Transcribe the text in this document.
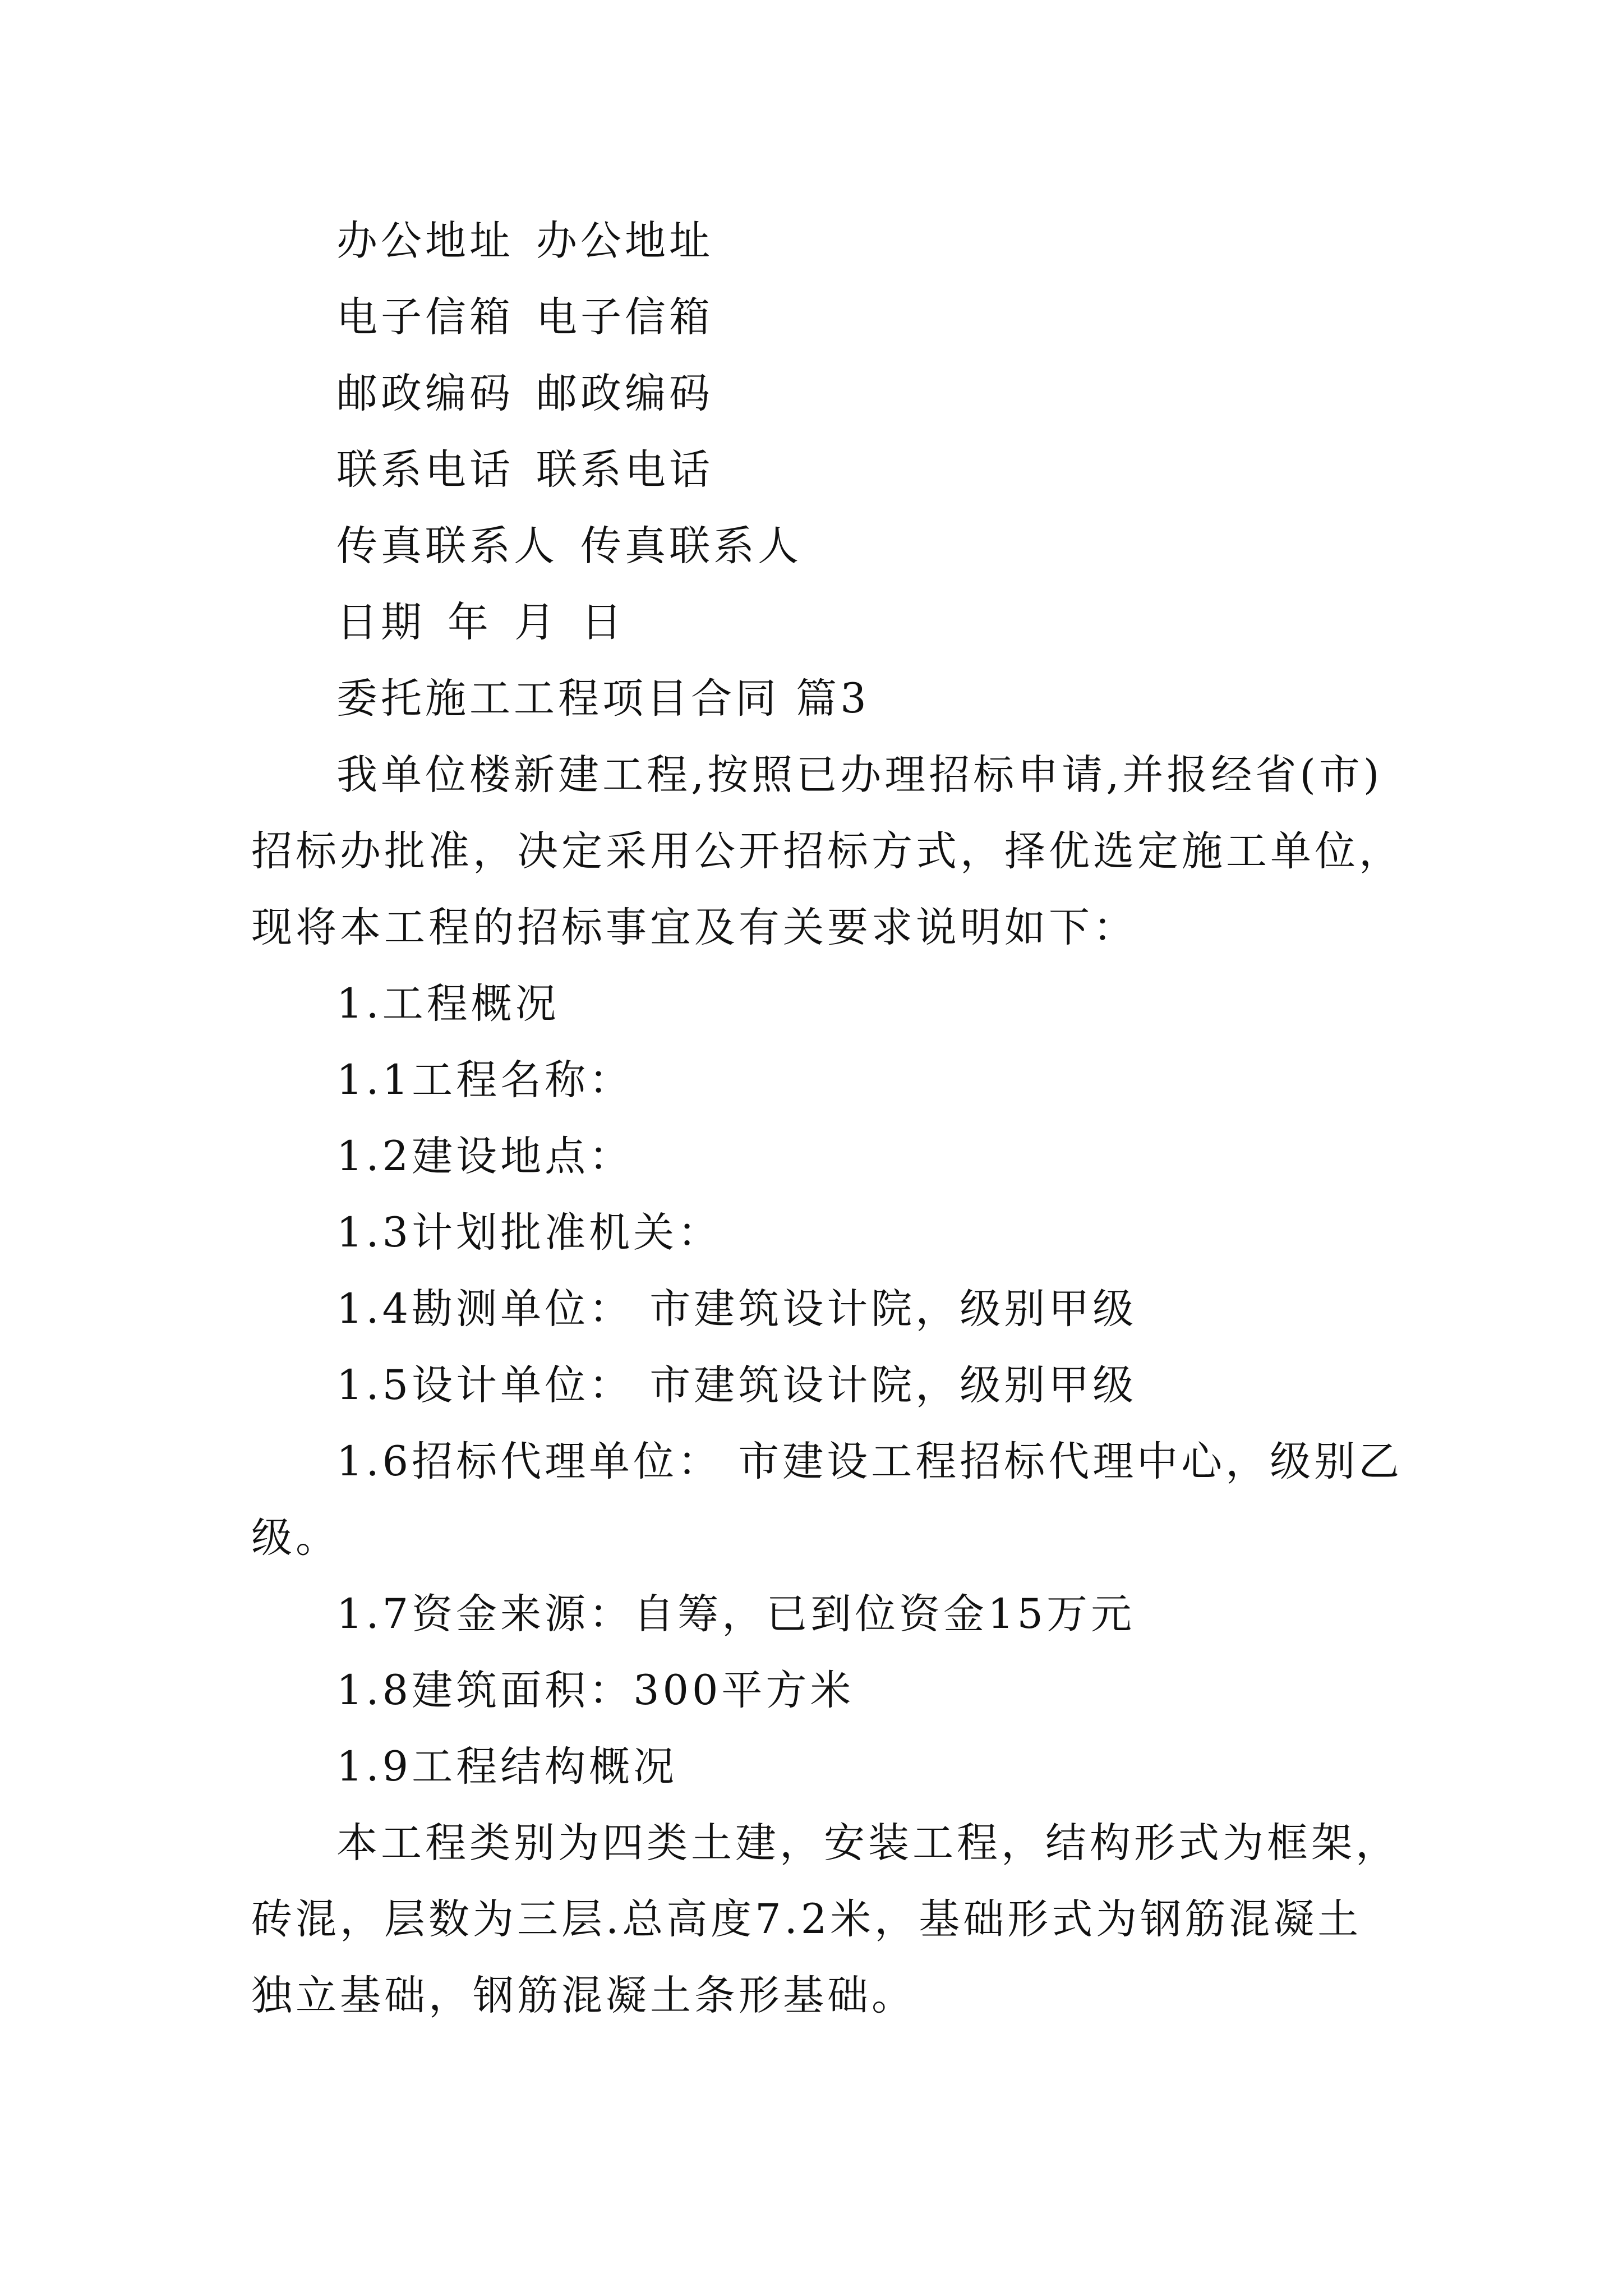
办公地址 办公地址
电子信箱 电子信箱
邮政编码 邮政编码
联系电话 联系电话
传真联系人 传真联系人
日期 年 月 日
委托施工工程项目合同 篇3
我单位楼新建工程,按照已办理招标申请,并报经省(市)
招标办批准，决定采用公开招标方式，择优选定施工单位，
现将本工程的招标事宜及有关要求说明如下：
1.工程概况
1.1工程名称：
1.2建设地点：
1.3计划批准机关：
1.4勘测单位： 市建筑设计院，级别甲级
1.5设计单位： 市建筑设计院，级别甲级
1.6招标代理单位： 市建设工程招标代理中心，级别乙
级。
1.7资金来源：自筹，已到位资金15万元
1.8建筑面积：300平方米
1.9工程结构概况
本工程类别为四类土建，安装工程，结构形式为框架，
砖混，层数为三层.总高度7.2米，基础形式为钢筋混凝土
独立基础，钢筋混凝土条形基础。
